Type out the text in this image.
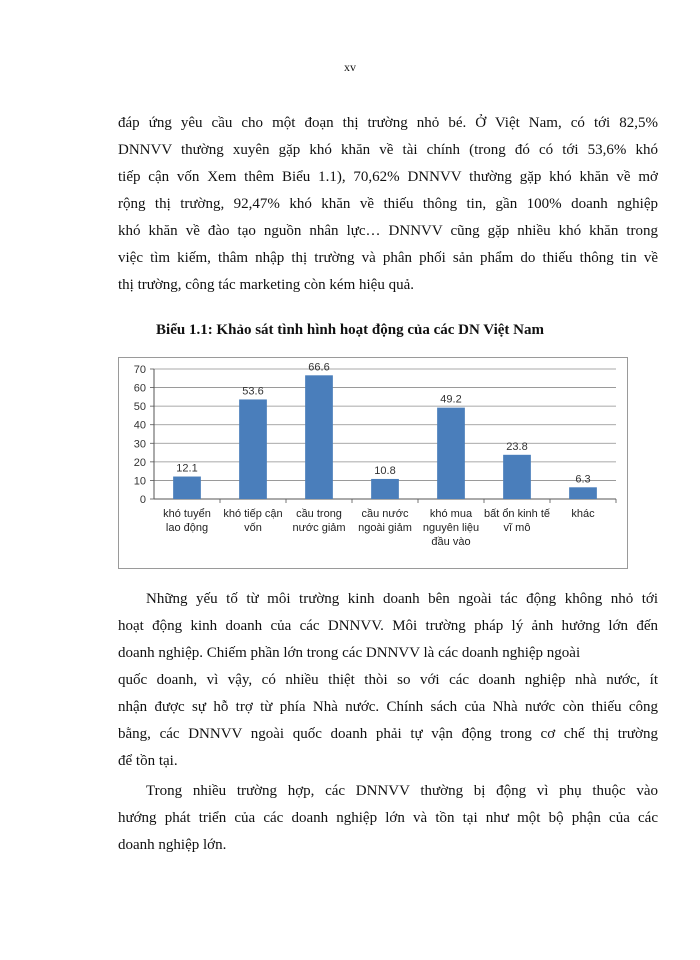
xv

đáp ứng yêu cầu cho một đoạn thị trường nhỏ bé. Ở Việt Nam, có tới 82,5%
DNNVV thường xuyên gặp khó khăn về tài chính (trong đó có tới 53,6% khó
tiếp cận vốn Xem thêm Biểu 1.1), 70,62% DNNVV thường gặp khó khăn về mở
rộng thị trường, 92,47% khó khăn về thiếu thông tin, gần 100% doanh nghiệp
khó khăn về đào tạo nguồn nhân lực… DNNVV cũng gặp nhiều khó khăn trong
việc tìm kiếm, thâm nhập thị trường và phân phối sản phẩm do thiếu thông tin về
thị trường, công tác marketing còn kém hiệu quả.

Biểu 1.1: Khảo sát tình hình hoạt động của các DN Việt Nam
0
10
20
30
40
50
60
70
12.1
khó tuyển lao động
53.6
khó tiếp cận vốn
66.6
cầu trong nước giảm
10.8
cầu nước ngoài giảm
49.2
khó mua nguyên liệu đầu vào
23.8
bất ổn kinh tế vĩ mô
6.3
khác

Những yếu tố từ môi trường kinh doanh bên ngoài tác động không nhỏ tới
hoạt động kinh doanh của các DNNVV. Môi trường pháp lý ảnh hưởng lớn đến
doanh nghiệp. Chiếm phần lớn trong các DNNVV là các doanh nghiệp ngoài
quốc doanh, vì vậy, có nhiều thiệt thòi so với các doanh nghiệp nhà nước, ít
nhận được sự hỗ trợ từ phía Nhà nước. Chính sách của Nhà nước còn thiếu công
bằng, các DNNVV ngoài quốc doanh phải tự vận động trong cơ chế thị trường
để tồn tại.

Trong nhiều trường hợp, các DNNVV thường bị động vì phụ thuộc vào
hướng phát triển của các doanh nghiệp lớn và tồn tại như một bộ phận của các
doanh nghiệp lớn.
